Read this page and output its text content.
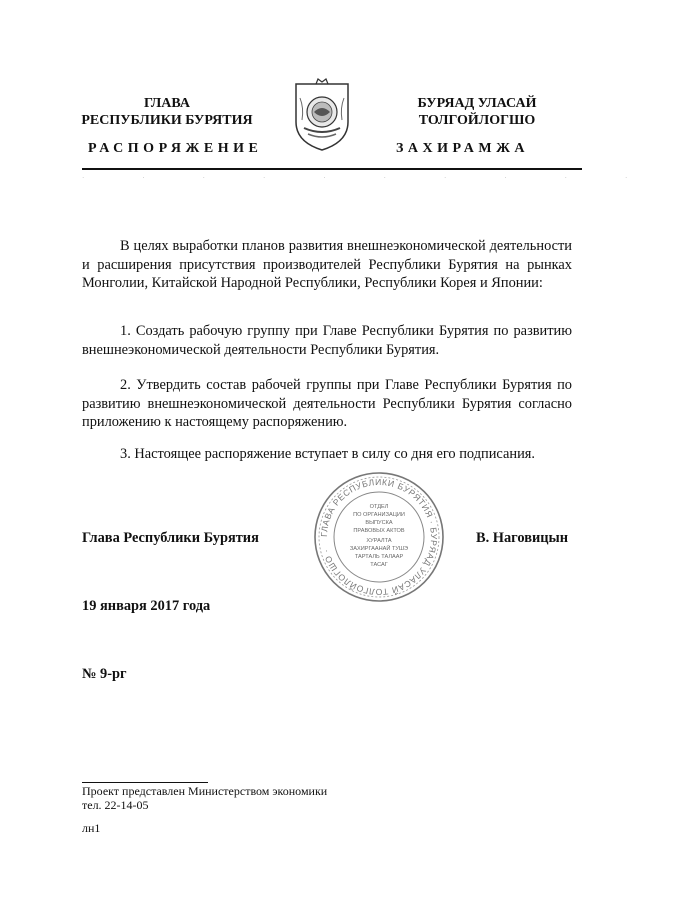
ГЛАВА
РЕСПУБЛИКИ БУРЯТИЯ
БУРЯАД УЛАСАЙ
ТОЛГОЙЛОГШО
РАСПОРЯЖЕНИЕ	ЗАХИРАМЖА
··········
В целях выработки планов развития внешнеэкономической деятельности и расширения присутствия производителей Республики Бурятия на рынках Монголии, Китайской Народной Республики, Республики Корея и Японии:
1. Создать рабочую группу при Главе Республики Бурятия по развитию внешнеэкономической деятельности Республики Бурятия.
2. Утвердить состав рабочей группы при Главе Республики Бурятия по развитию внешнеэкономической деятельности Республики Бурятия согласно приложению к настоящему распоряжению.
3. Настоящее распоряжение вступает в силу со дня его подписания.
ГЛАВА РЕСПУБЛИКИ БУРЯТИЯ · БУРЯАД УЛАСАЙ ТОЛГОЙЛОГШО ·
ОТДЕЛ
ПО ОРГАНИЗАЦИИ
ВЫПУСКА
ПРАВОВЫХ АКТОВ
ХУРАЛТА
ЗАХИРГААНАЙ ТУШЭ
ТАРТАЛЬ ТАЛААР
ТАСАГ
Глава Республики Бурятия	В. Наговицын
19 января 2017 года
№ 9-рг
Проект представлен Министерством экономики
тел. 22-14-05
лн1
